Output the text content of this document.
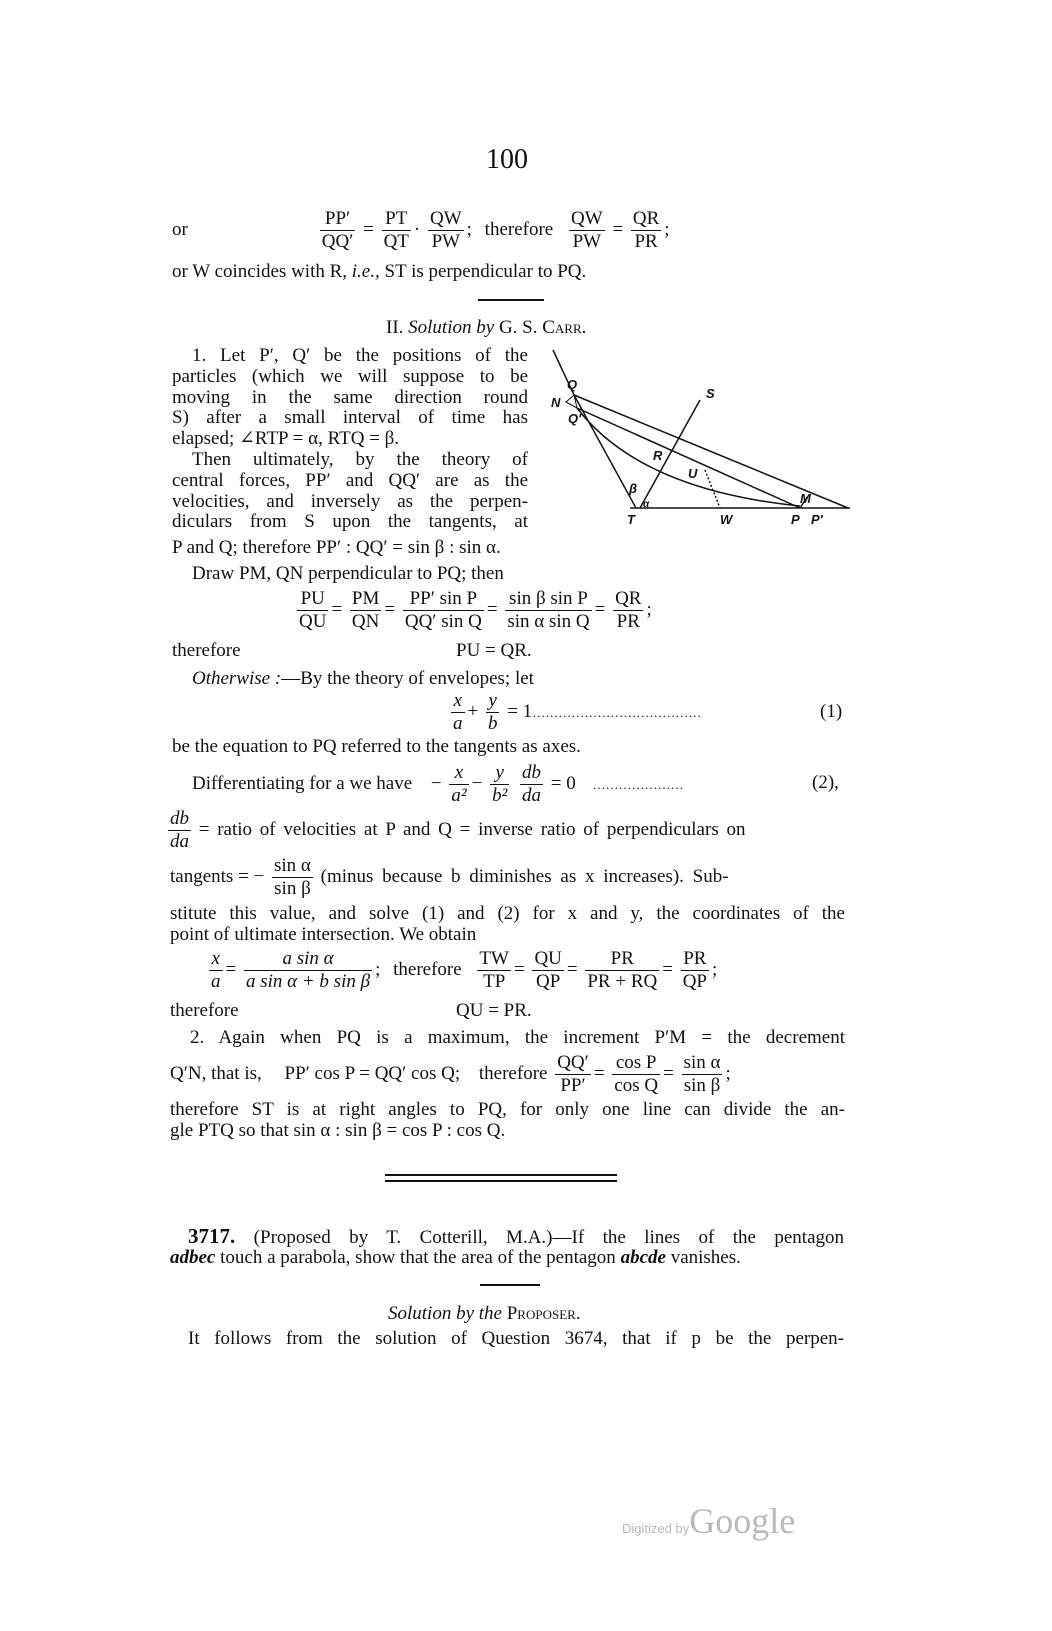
100
or	$\frac{PP'}{QQ'} = \frac{PT}{QT} \cdot \frac{QW}{PW}$ ; therefore $\frac{QW}{PW} = \frac{QR}{PR}$ ;
or W coincides with R, i.e., ST is perpendicular to PQ.
II. Solution by G. S. Carr.
1. Let P′, Q′ be the positions of the
particles (which we will suppose to be
moving in the same direction round
S) after a small interval of time has
elapsed; ∠RTP = α, RTQ = β.
Then ultimately, by the theory of
central forces, PP′ and QQ′ are as the
velocities, and inversely as the perpen-
diculars from S upon the tangents, at
Q
N
Q′
S
R
U
β
α
T	W	P P′
M
P and Q; therefore PP′ : QQ′ = sin β : sin α.
Draw PM, QN perpendicular to PQ; then
$\frac{PU}{QU} = \frac{PM}{QN} = \frac{\text{PP′ sin P}}{\text{QQ′ sin Q}} = \frac{\text{sin β sin P}}{\text{sin α sin Q}} = \frac{QR}{PR}$ ;
therefore	PU = QR.
Otherwise :—By the theory of envelopes; let
$\frac{x}{a} + \frac{y}{b}$ = 1…………………………………	(1)
be the equation to PQ referred to the tangents as axes.
Differentiating for a we have − $\frac{x}{\text{a²}} - \frac{y}{\text{b²}}$
$\frac{db}{da} = 0$ …………………	(2),
$\frac{db}{da}$ = ratio of velocities at P and Q = inverse ratio of perpendiculars on
tangents = − $\frac{\text{sin α}}{\text{sin β}}$ (minus because b diminishes as x increases). Sub-
stitute this value, and solve (1) and (2) for x and y, the coordinates of the
point of ultimate intersection. We obtain
$\frac{x}{a} = \frac{\text{a sin α}}{\text{a sin α + b sin β}}$ ; therefore $\frac{TW}{TP} = \frac{QU}{QP} = \frac{PR}{PR + RQ} = \frac{PR}{QP}$ ;
therefore	QU = PR.
2. Again when PQ is a maximum, the increment P′M = the decrement
Q′N, that is, PP′ cos P = QQ′ cos Q; therefore $\frac{QQ'}{PP'} = \frac{\text{cos P}}{\text{cos Q}} = \frac{\text{sin α}}{\text{sin β}}$ ;
therefore ST is at right angles to PQ, for only one line can divide the an-
gle PTQ so that sin α : sin β = cos P : cos Q.
3717. (Proposed by T. Cotterill, M.A.)—If the lines of the pentagon
adbec touch a parabola, show that the area of the pentagon abcde vanishes.
Solution by the Proposer.
It follows from the solution of Question 3674, that if p be the perpen-
Digitized byGoogle
